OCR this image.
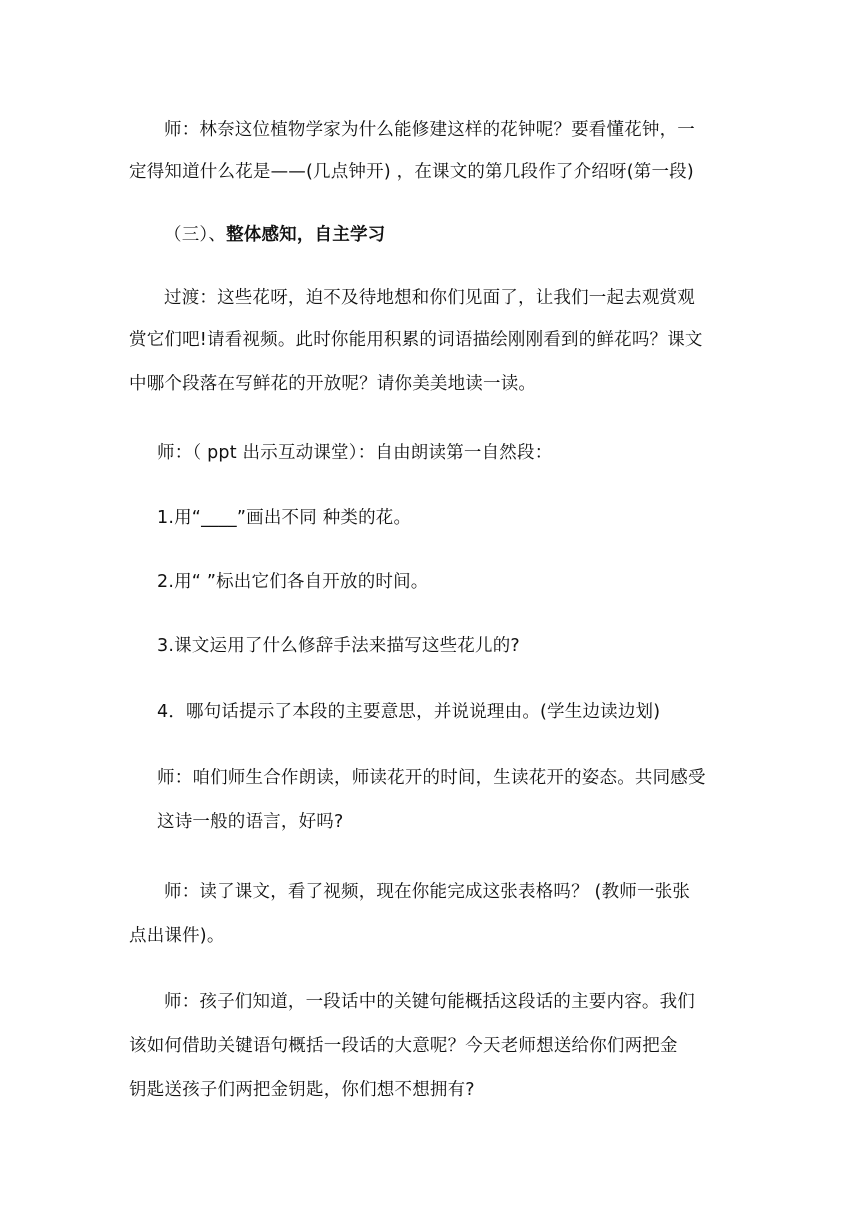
师：林奈这位植物学家为什么能修建这样的花钟呢？要看懂花钟，一
定得知道什么花是——(几点钟开) ，在课文的第几段作了介绍呀(第一段)
（三）、整体感知，自主学习
过渡：这些花呀，迫不及待地想和你们见面了，让我们一起去观赏观
赏它们吧!请看视频。此时你能用积累的词语描绘刚刚看到的鲜花吗？课文
中哪个段落在写鲜花的开放呢？请你美美地读一读。
师：（ ppt 出示互动课堂）：自由朗读第一自然段：
1.用“____”画出不同 种类的花。
2.用“ ”标出它们各自开放的时间。
3.课文运用了什么修辞手法来描写这些花儿的?
4．哪句话提示了本段的主要意思，并说说理由。(学生边读边划)
师：咱们师生合作朗读，师读花开的时间，生读花开的姿态。共同感受
这诗一般的语言，好吗?
师：读了课文，看了视频，现在你能完成这张表格吗？ (教师一张张
点出课件)。
师：孩子们知道，一段话中的关键句能概括这段话的主要内容。我们
该如何借助关键语句概括一段话的大意呢？今天老师想送给你们两把金
钥匙送孩子们两把金钥匙，你们想不想拥有?
